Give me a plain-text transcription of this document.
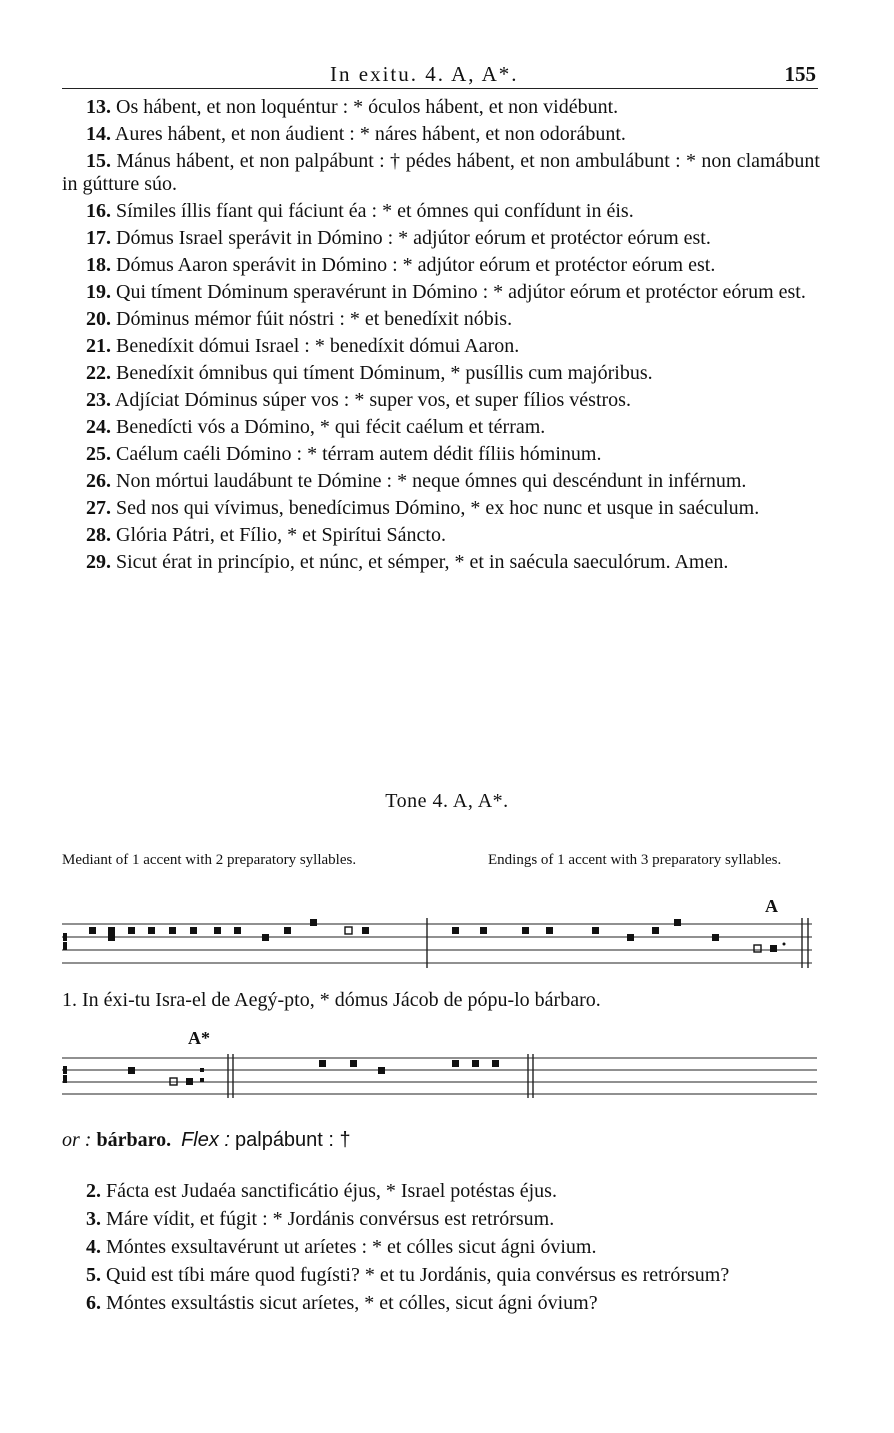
In exitu. 4. A, A*.	155

13. Os hábent, et non loquéntur : * óculos hábent, et non vidébunt.

14. Aures hábent, et non áudient : * náres hábent, et non odorábunt.

15. Mánus hábent, et non palpábunt : † pédes hábent, et non ambulábunt : * non clamábunt in gútture súo.

16. Símiles íllis fíant qui fáciunt éa : * et ómnes qui confídunt in éis.

17. Dómus Israel sperávit in Dómino : * adjútor eórum et protéctor eórum est.

18. Dómus Aaron sperávit in Dómino : * adjútor eórum et protéctor eórum est.

19. Qui tíment Dóminum speravérunt in Dómino : * adjútor eórum et protéctor eórum est.

20. Dóminus mémor fúit nóstri : * et benedíxit nóbis.

21. Benedíxit dómui Israel : * benedíxit dómui Aaron.

22. Benedíxit ómnibus qui tíment Dóminum, * pusíllis cum majóribus.

23. Adjíciat Dóminus súper vos : * super vos, et super fílios véstros.

24. Benedícti vós a Dómino, * qui fécit caélum et térram.

25. Caélum caéli Dómino : * térram autem dédit fíliis hóminum.

26. Non mórtui laudábunt te Dómine : * neque ómnes qui descéndunt in inférnum.

27. Sed nos qui vívimus, benedícimus Dómino, * ex hoc nunc et usque in saéculum.

28. Glória Pátri, et Fílio, * et Spirítui Sáncto.

29. Sicut érat in princípio, et núnc, et sémper, * et in saécula saeculórum. Amen.

Tone 4. A, A*.
Mediant of 1 accent with 2 preparatory syllables.	Endings of 1 accent with 3 preparatory syllables.
A
1. In éxi-tu Isra-el de Aegý-pto, * dómus Jácob de pópu-lo bárbaro.
A*
or : bárbaro. Flex : palpábunt : †

2. Fácta est Judaéa sanctificátio éjus, * Israel potéstas éjus.

3. Máre vídit, et fúgit : * Jordánis convérsus est retrórsum.

4. Móntes exsultavérunt ut aríetes : * et cólles sicut ágni óvium.

5. Quid est tíbi máre quod fugísti? * et tu Jordánis, quia convérsus es retrórsum?

6. Móntes exsultástis sicut aríetes, * et cólles, sicut ágni óvium?
